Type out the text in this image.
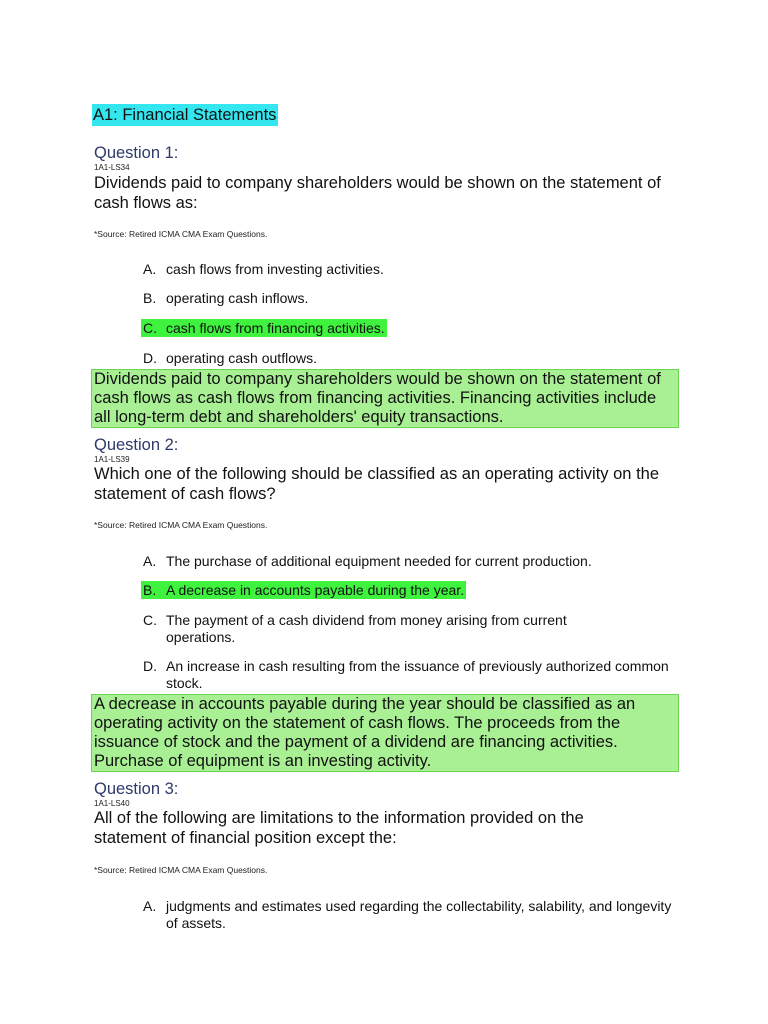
A1: Financial Statements
Question 1:
1A1-LS34
Dividends paid to company shareholders would be shown on the statement of cash flows as:
*Source: Retired ICMA CMA Exam Questions.
A. cash flows from investing activities.
B. operating cash inflows.
C. cash flows from financing activities.
D. operating cash outflows.
Dividends paid to company shareholders would be shown on the statement of cash flows as cash flows from financing activities. Financing activities include all long-term debt and shareholders' equity transactions.
Question 2:
1A1-LS39
Which one of the following should be classified as an operating activity on the statement of cash flows?
*Source: Retired ICMA CMA Exam Questions.
A. The purchase of additional equipment needed for current production.
B. A decrease in accounts payable during the year.
C. The payment of a cash dividend from money arising from current operations.
D. An increase in cash resulting from the issuance of previously authorized common stock.
A decrease in accounts payable during the year should be classified as an operating activity on the statement of cash flows. The proceeds from the issuance of stock and the payment of a dividend are financing activities. Purchase of equipment is an investing activity.
Question 3:
1A1-LS40
All of the following are limitations to the information provided on the statement of financial position except the:
*Source: Retired ICMA CMA Exam Questions.
A. judgments and estimates used regarding the collectability, salability, and longevity of assets.
